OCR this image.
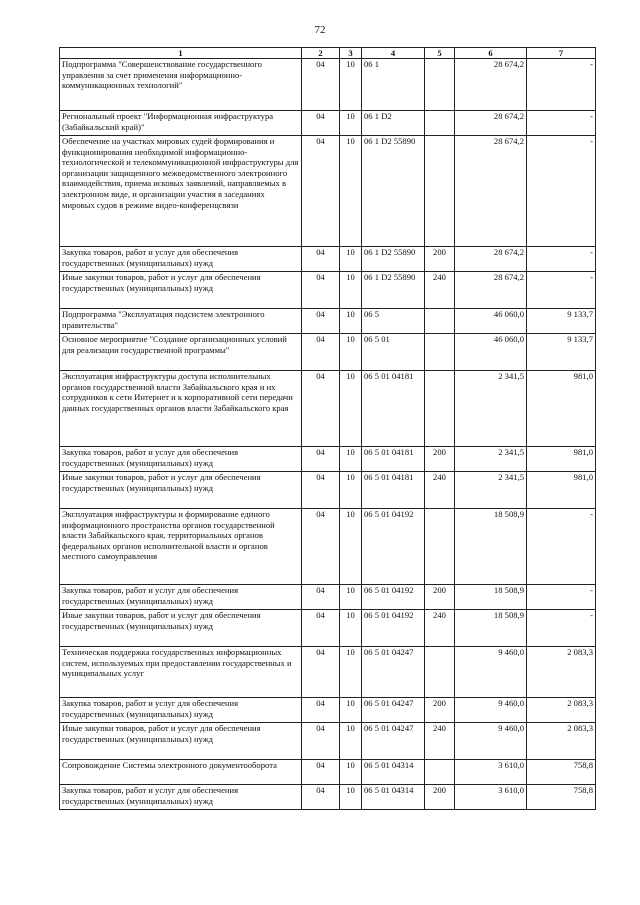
72
1	2	3	4	5	6	7
Подпрограмма "Совершенствование государственного управления за счет применения информационно-коммуникационных технологий"	04	10	06 1		28 674,2	-
Региональный проект "Информационная инфраструктура (Забайкальский край)"	04	10	06 1 D2		28 674,2	-
Обеспечение на участках мировых судей формирования и функционирования необходимой информационно-технологической и телекоммуникационной инфраструктуры для организации защищенного межведомственного электронного взаимодействия, приема исковых заявлений, направляемых в электронном виде, и организации участия в заседаниях мировых судов в режиме видео-конференцсвязи	04	10	06 1 D2 55890		28 674,2	-
Закупка товаров, работ и услуг для обеспечения государственных (муниципальных) нужд	04	10	06 1 D2 55890	200	28 674,2	-
Иные закупки товаров, работ и услуг для обеспечения государственных (муниципальных) нужд	04	10	06 1 D2 55890	240	28 674,2	-
Подпрограмма "Эксплуатация подсистем электронного правительства"	04	10	06 5		46 060,0	9 133,7
Основное мероприятие "Создание организационных условий для реализации государственной программы"	04	10	06 5 01		46 060,0	9 133,7
Эксплуатация инфраструктуры доступа исполнительных органов государственной власти Забайкальского края и их сотрудников к сети Интернет и к корпоративной сети передачи данных государственных органов власти Забайкальского края	04	10	06 5 01 04181		2 341,5	981,0
Закупка товаров, работ и услуг для обеспечения государственных (муниципальных) нужд	04	10	06 5 01 04181	200	2 341,5	981,0
Иные закупки товаров, работ и услуг для обеспечения государственных (муниципальных) нужд	04	10	06 5 01 04181	240	2 341,5	981,0
Эксплуатация инфраструктуры и формирование единого информационного пространства органов государственной власти Забайкальского края, территориальных органов федеральных органов исполнительной власти и органов местного самоуправления	04	10	06 5 01 04192		18 508,9	-
Закупка товаров, работ и услуг для обеспечения государственных (муниципальных) нужд	04	10	06 5 01 04192	200	18 508,9	-
Иные закупки товаров, работ и услуг для обеспечения государственных (муниципальных) нужд	04	10	06 5 01 04192	240	18 508,9	-
Техническая поддержка государственных информационных систем, используемых при предоставлении государственных и муниципальных услуг	04	10	06 5 01 04247		9 460,0	2 083,3
Закупка товаров, работ и услуг для обеспечения государственных (муниципальных) нужд	04	10	06 5 01 04247	200	9 460,0	2 083,3
Иные закупки товаров, работ и услуг для обеспечения государственных (муниципальных) нужд	04	10	06 5 01 04247	240	9 460,0	2 083,3
Сопровождение Системы электронного документооборота	04	10	06 5 01 04314		3 610,0	758,8
Закупка товаров, работ и услуг для обеспечения государственных (муниципальных) нужд	04	10	06 5 01 04314	200	3 610,0	758,8
